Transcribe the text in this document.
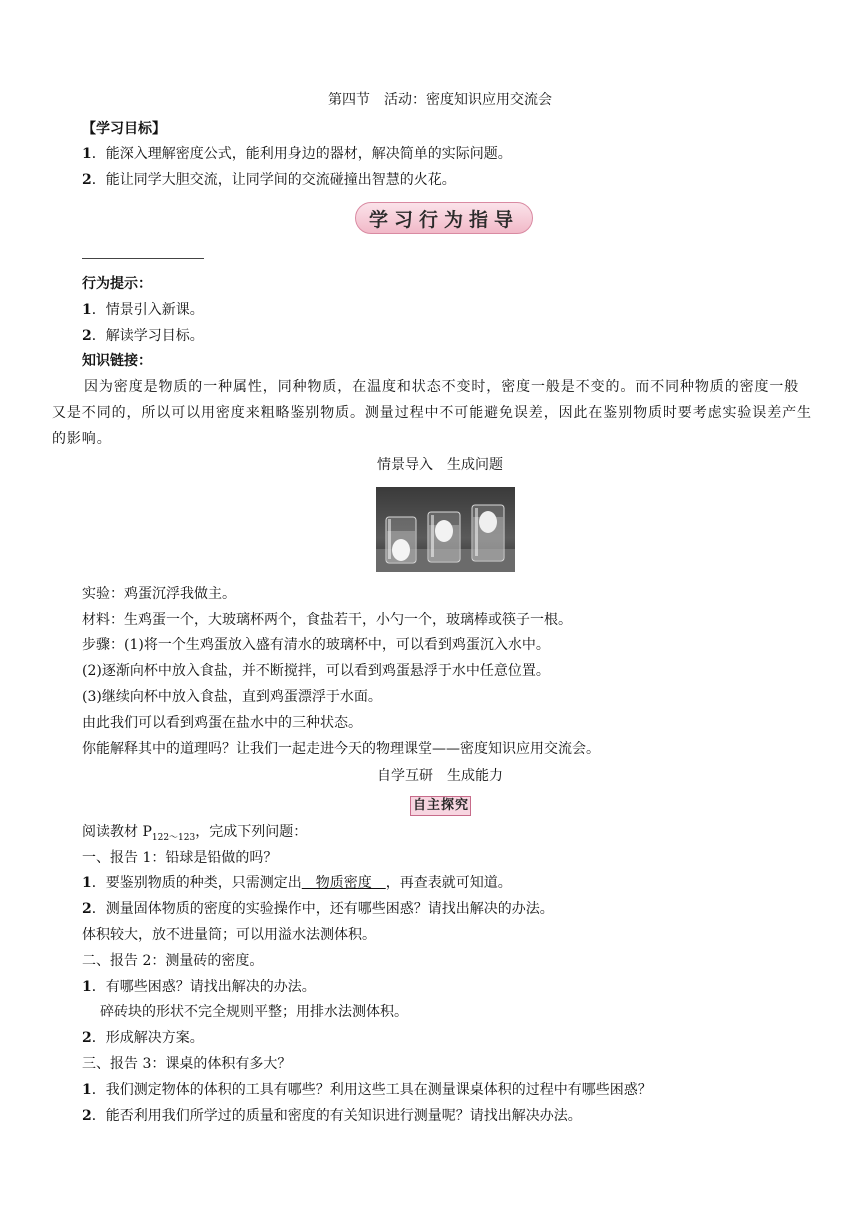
第四节　活动：密度知识应用交流会
【学习目标】
1．能深入理解密度公式，能利用身边的器材，解决简单的实际问题。
2．能让同学大胆交流，让同学间的交流碰撞出智慧的火花。
学习行为指导
行为提示：
1．情景引入新课。
2．解读学习目标。
知识链接：
因为密度是物质的一种属性，同种物质，在温度和状态不变时，密度一般是不变的。而不同种物质的密度一般又是不同的，所以可以用密度来粗略鉴别物质。测量过程中不可能避免误差，因此在鉴别物质时要考虑实验误差产生的影响。
情景导入　生成问题
实验：鸡蛋沉浮我做主。
材料：生鸡蛋一个，大玻璃杯两个，食盐若干，小勺一个，玻璃棒或筷子一根。
步骤：(1)将一个生鸡蛋放入盛有清水的玻璃杯中，可以看到鸡蛋沉入水中。
(2)逐渐向杯中放入食盐，并不断搅拌，可以看到鸡蛋悬浮于水中任意位置。
(3)继续向杯中放入食盐，直到鸡蛋漂浮于水面。
由此我们可以看到鸡蛋在盐水中的三种状态。
你能解释其中的道理吗？让我们一起走进今天的物理课堂——密度知识应用交流会。
自学互研　生成能力
自 主 探 究
阅读教材 $P_{122\sim 123}$，完成下列问题：
一、报告 1：铅球是铅做的吗？
1．要鉴别物质的种类，只需测定出　物质密度　，再查表就可知道。
2．测量固体物质的密度的实验操作中，还有哪些困惑？请找出解决的办法。
体积较大，放不进量筒；可以用溢水法测体积。
二、报告 2：测量砖的密度。
1．有哪些困惑？请找出解决的办法。
碎砖块的形状不完全规则平整；用排水法测体积。
2．形成解决方案。
三、报告 3：课桌的体积有多大？
1．我们测定物体的体积的工具有哪些？利用这些工具在测量课桌体积的过程中有哪些困惑？
2．能否利用我们所学过的质量和密度的有关知识进行测量呢？请找出解决办法。
